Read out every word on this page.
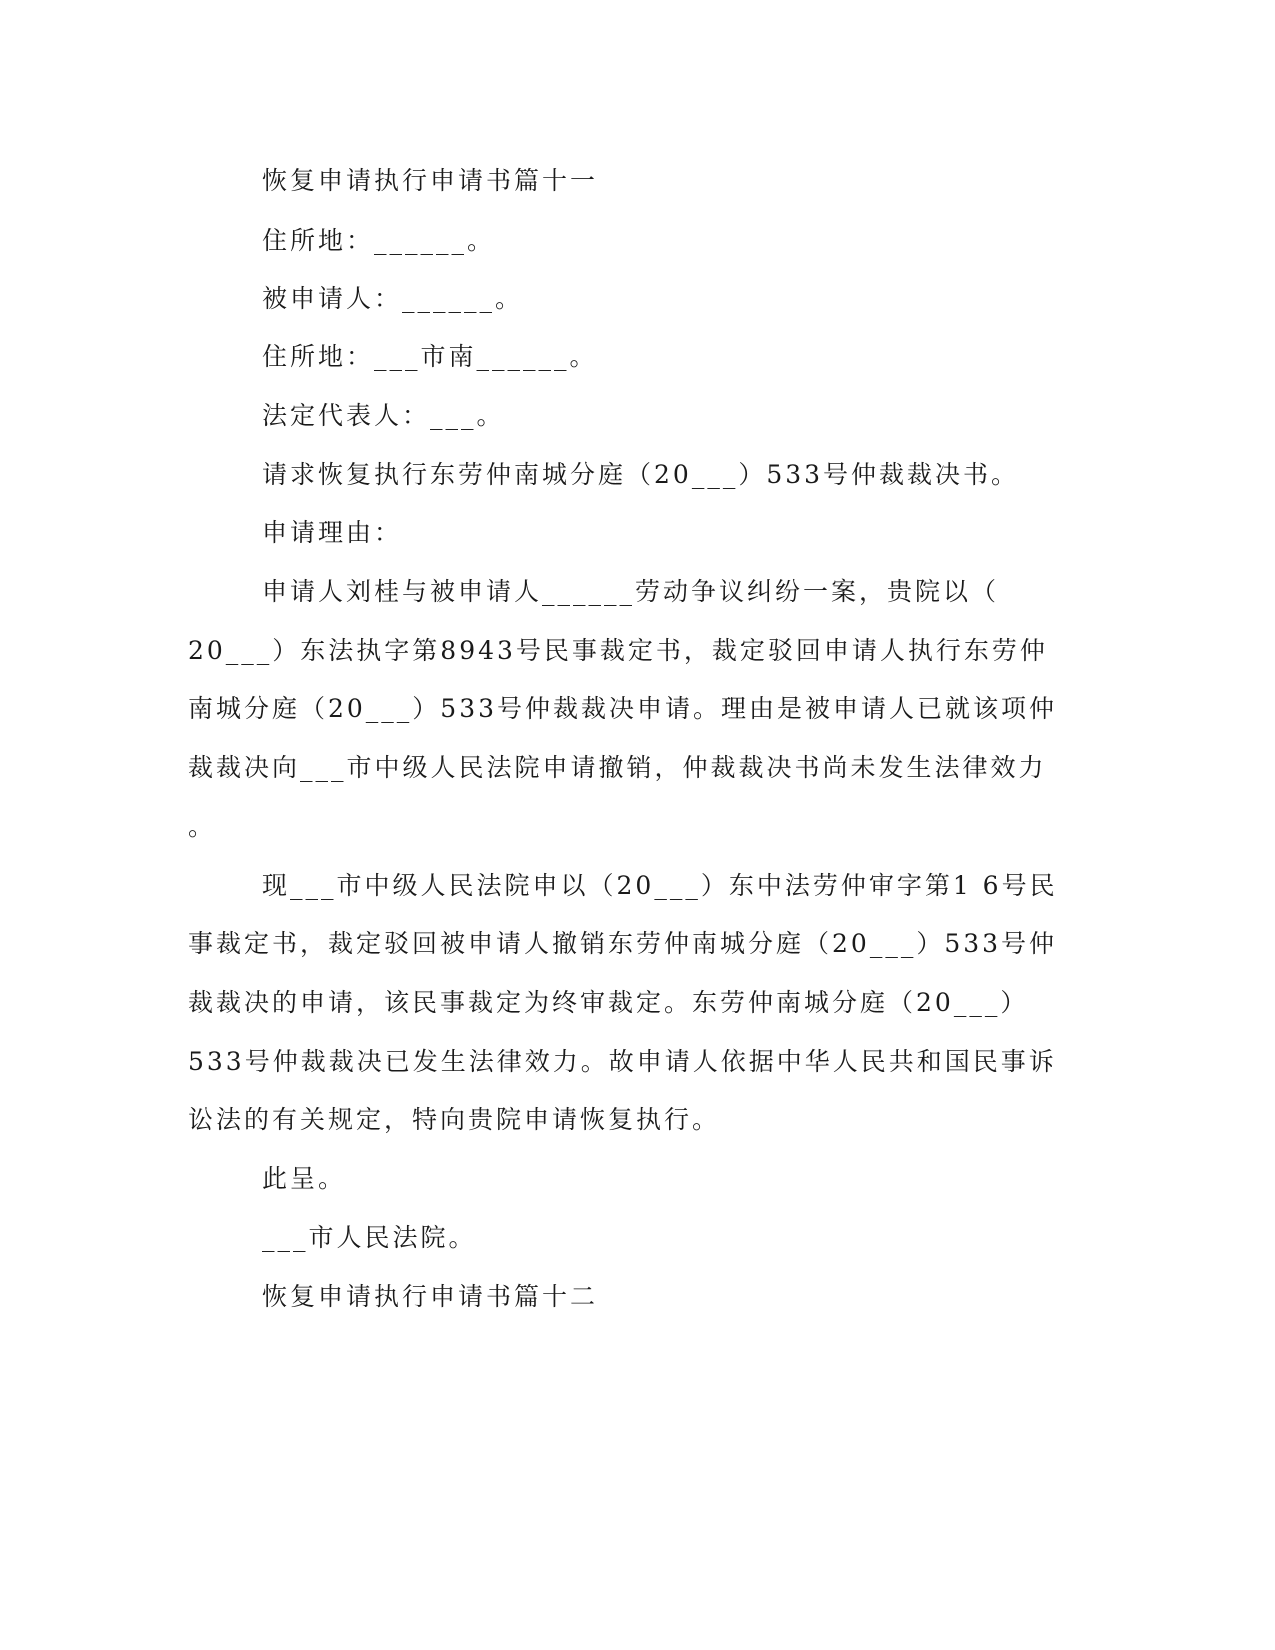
恢复申请执行申请书篇十一

住所地：______。

被申请人：______。

住所地：___市南______。

法定代表人：___。

请求恢复执行东劳仲南城分庭（20___）533号仲裁裁决书。

申请理由：

申请人刘桂与被申请人______劳动争议纠纷一案，贵院以（

20___）东法执字第8943号民事裁定书，裁定驳回申请人执行东劳仲

南城分庭（20___）533号仲裁裁决申请。理由是被申请人已就该项仲

裁裁决向___市中级人民法院申请撤销，仲裁裁决书尚未发生法律效力

。

现___市中级人民法院申以（20___）东中法劳仲审字第1 6号民

事裁定书，裁定驳回被申请人撤销东劳仲南城分庭（20___）533号仲

裁裁决的申请，该民事裁定为终审裁定。东劳仲南城分庭（20___）

533号仲裁裁决已发生法律效力。故申请人依据中华人民共和国民事诉

讼法的有关规定，特向贵院申请恢复执行。

此呈。

___市人民法院。

恢复申请执行申请书篇十二
